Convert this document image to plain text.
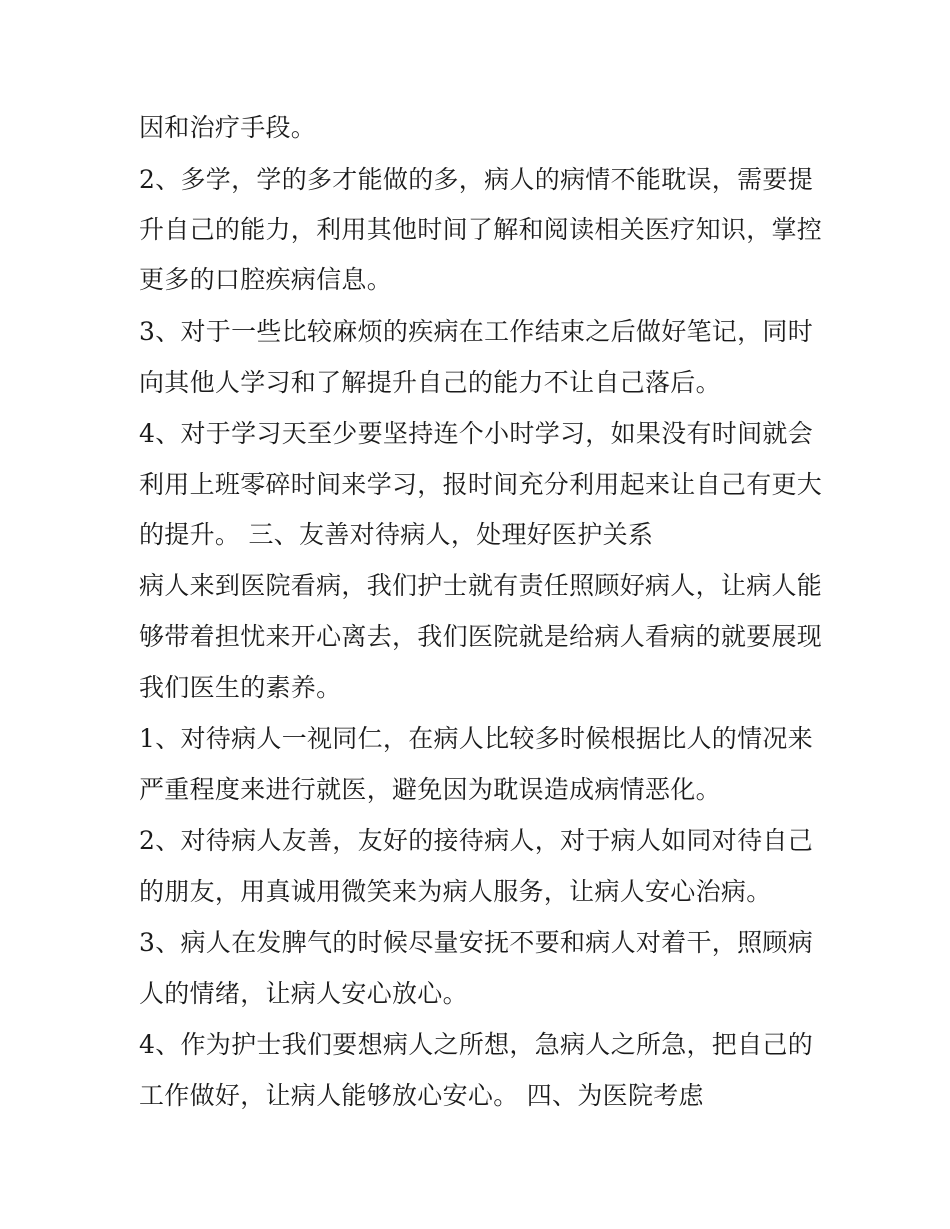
因和治疗手段。

2、多学，学的多才能做的多，病人的病情不能耽误，需要提

升自己的能力，利用其他时间了解和阅读相关医疗知识，掌控

更多的口腔疾病信息。

3、对于一些比较麻烦的疾病在工作结束之后做好笔记，同时

向其他人学习和了解提升自己的能力不让自己落后。

4、对于学习天至少要坚持连个小时学习，如果没有时间就会

利用上班零碎时间来学习，报时间充分利用起来让自己有更大

的提升。 三、友善对待病人，处理好医护关系

病人来到医院看病，我们护士就有责任照顾好病人，让病人能

够带着担忧来开心离去，我们医院就是给病人看病的就要展现

我们医生的素养。

1、对待病人一视同仁，在病人比较多时候根据比人的情况来

严重程度来进行就医，避免因为耽误造成病情恶化。

2、对待病人友善，友好的接待病人，对于病人如同对待自己

的朋友，用真诚用微笑来为病人服务，让病人安心治病。

3、病人在发脾气的时候尽量安抚不要和病人对着干，照顾病

人的情绪，让病人安心放心。

4、作为护士我们要想病人之所想，急病人之所急，把自己的

工作做好，让病人能够放心安心。 四、为医院考虑
